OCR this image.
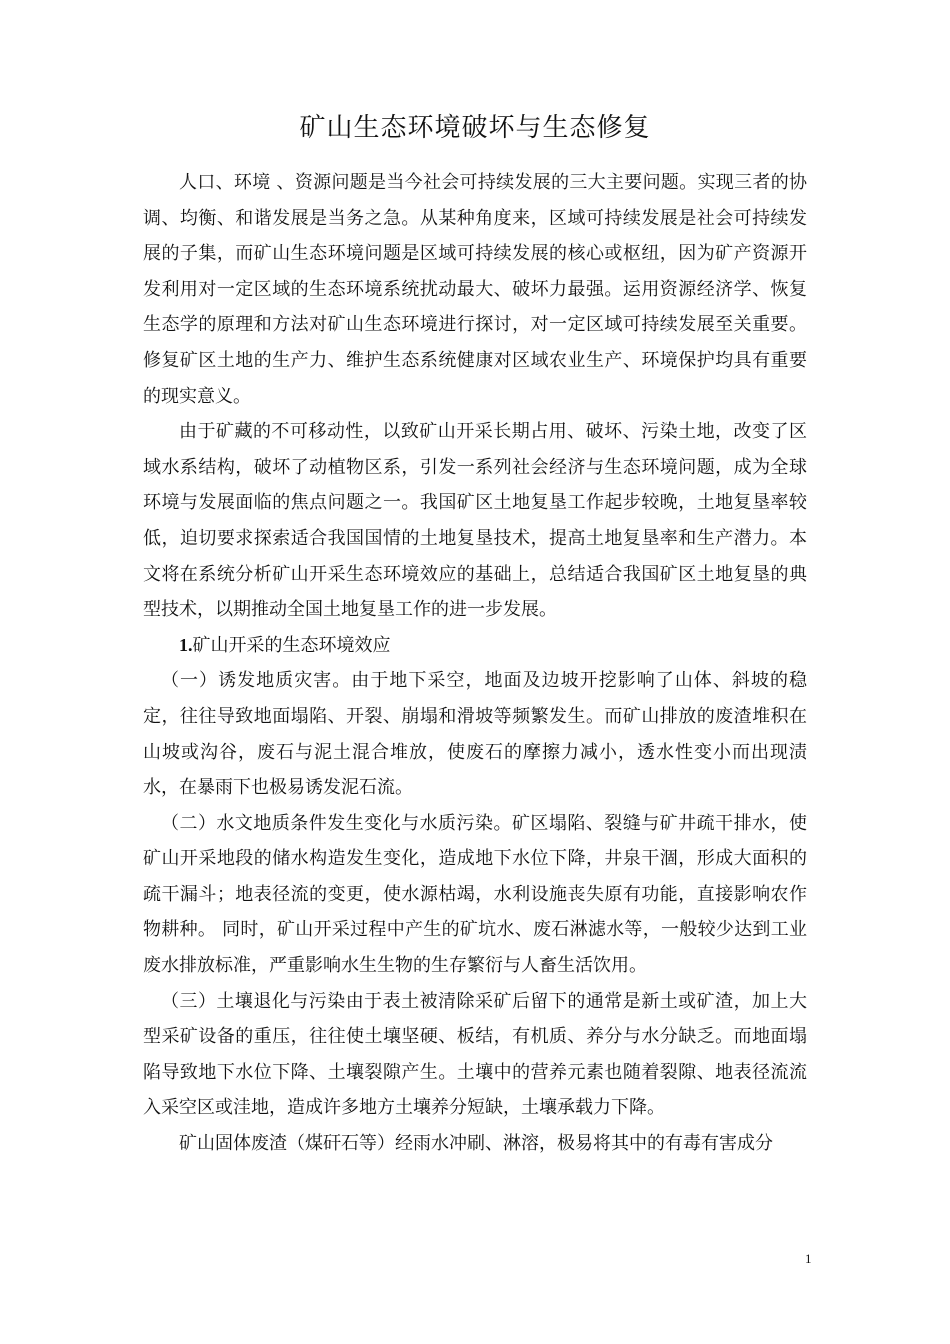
矿山生态环境破坏与生态修复

人口、环境 、资源问题是当今社会可持续发展的三大主要问题。实现三者的协调、均衡、和谐发展是当务之急。从某种角度来，区域可持续发展是社会可持续发展的子集，而矿山生态环境问题是区域可持续发展的核心或枢纽，因为矿产资源开发利用对一定区域的生态环境系统扰动最大、破坏力最强。运用资源经济学、恢复生态学的原理和方法对矿山生态环境进行探讨，对一定区域可持续发展至关重要。修复矿区土地的生产力、维护生态系统健康对区域农业生产、环境保护均具有重要的现实意义。

由于矿藏的不可移动性，以致矿山开采长期占用、破坏、污染土地，改变了区域水系结构，破坏了动植物区系，引发一系列社会经济与生态环境问题，成为全球环境与发展面临的焦点问题之一。我国矿区土地复垦工作起步较晚，土地复垦率较低，迫切要求探索适合我国国情的土地复垦技术，提高土地复垦率和生产潜力。本文将在系统分析矿山开采生态环境效应的基础上，总结适合我国矿区土地复垦的典型技术，以期推动全国土地复垦工作的进一步发展。

1.矿山开采的生态环境效应

（一）诱发地质灾害。由于地下采空，地面及边坡开挖影响了山体、斜坡的稳定，往往导致地面塌陷、开裂、崩塌和滑坡等频繁发生。而矿山排放的废渣堆积在山坡或沟谷，废石与泥土混合堆放，使废石的摩擦力减小，透水性变小而出现渍水，在暴雨下也极易诱发泥石流。

（二）水文地质条件发生变化与水质污染。矿区塌陷、裂缝与矿井疏干排水，使矿山开采地段的储水构造发生变化，造成地下水位下降，井泉干涸，形成大面积的疏干漏斗；地表径流的变更，使水源枯竭，水利设施丧失原有功能，直接影响农作物耕种。 同时，矿山开采过程中产生的矿坑水、废石淋滤水等，一般较少达到工业废水排放标准，严重影响水生生物的生存繁衍与人畜生活饮用。

（三）土壤退化与污染由于表土被清除采矿后留下的通常是新土或矿渣，加上大型采矿设备的重压，往往使土壤坚硬、板结，有机质、养分与水分缺乏。而地面塌陷导致地下水位下降、土壤裂隙产生。土壤中的营养元素也随着裂隙、地表径流流入采空区或洼地，造成许多地方土壤养分短缺，土壤承载力下降。

矿山固体废渣（煤矸石等）经雨水冲刷、淋溶，极易将其中的有毒有害成分

1
